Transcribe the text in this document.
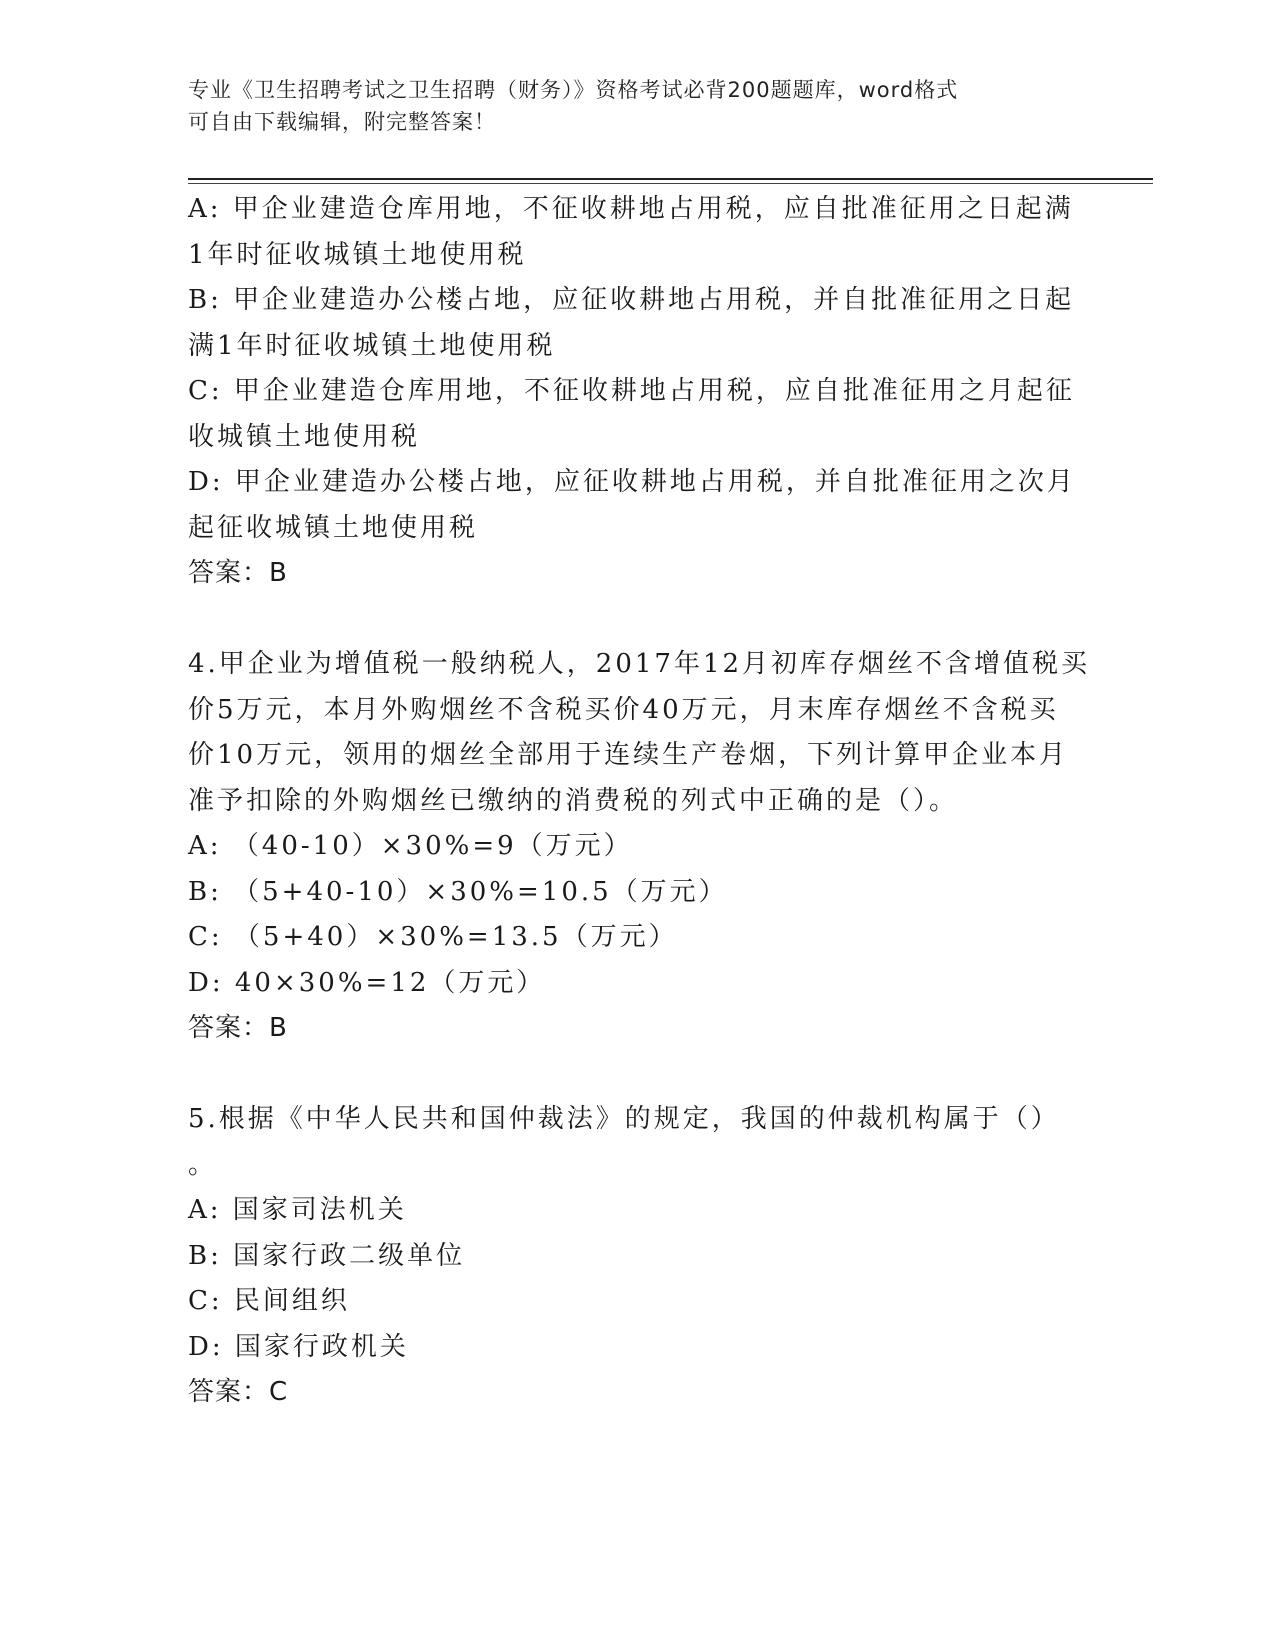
专业《卫生招聘考试之卫生招聘（财务）》资格考试必背200题题库，word格式
可自由下载编辑，附完整答案！

A: 甲企业建造仓库用地，不征收耕地占用税，应自批准征用之日起满

1年时征收城镇土地使用税

B: 甲企业建造办公楼占地，应征收耕地占用税，并自批准征用之日起

满1年时征收城镇土地使用税

C: 甲企业建造仓库用地，不征收耕地占用税，应自批准征用之月起征

收城镇土地使用税

D: 甲企业建造办公楼占地，应征收耕地占用税，并自批准征用之次月

起征收城镇土地使用税

答案：B

4.甲企业为增值税一般纳税人，2017年12月初库存烟丝不含增值税买

价5万元，本月外购烟丝不含税买价40万元，月末库存烟丝不含税买

价10万元，领用的烟丝全部用于连续生产卷烟，下列计算甲企业本月

准予扣除的外购烟丝已缴纳的消费税的列式中正确的是（）。

A: （40-10）×30%=9（万元）

B: （5+40-10）×30%=10.5（万元）

C: （5+40）×30%=13.5（万元）

D: 40×30%=12（万元）

答案：B

5.根据《中华人民共和国仲裁法》的规定，我国的仲裁机构属于（）

。

A: 国家司法机关

B: 国家行政二级单位

C: 民间组织

D: 国家行政机关

答案：C
